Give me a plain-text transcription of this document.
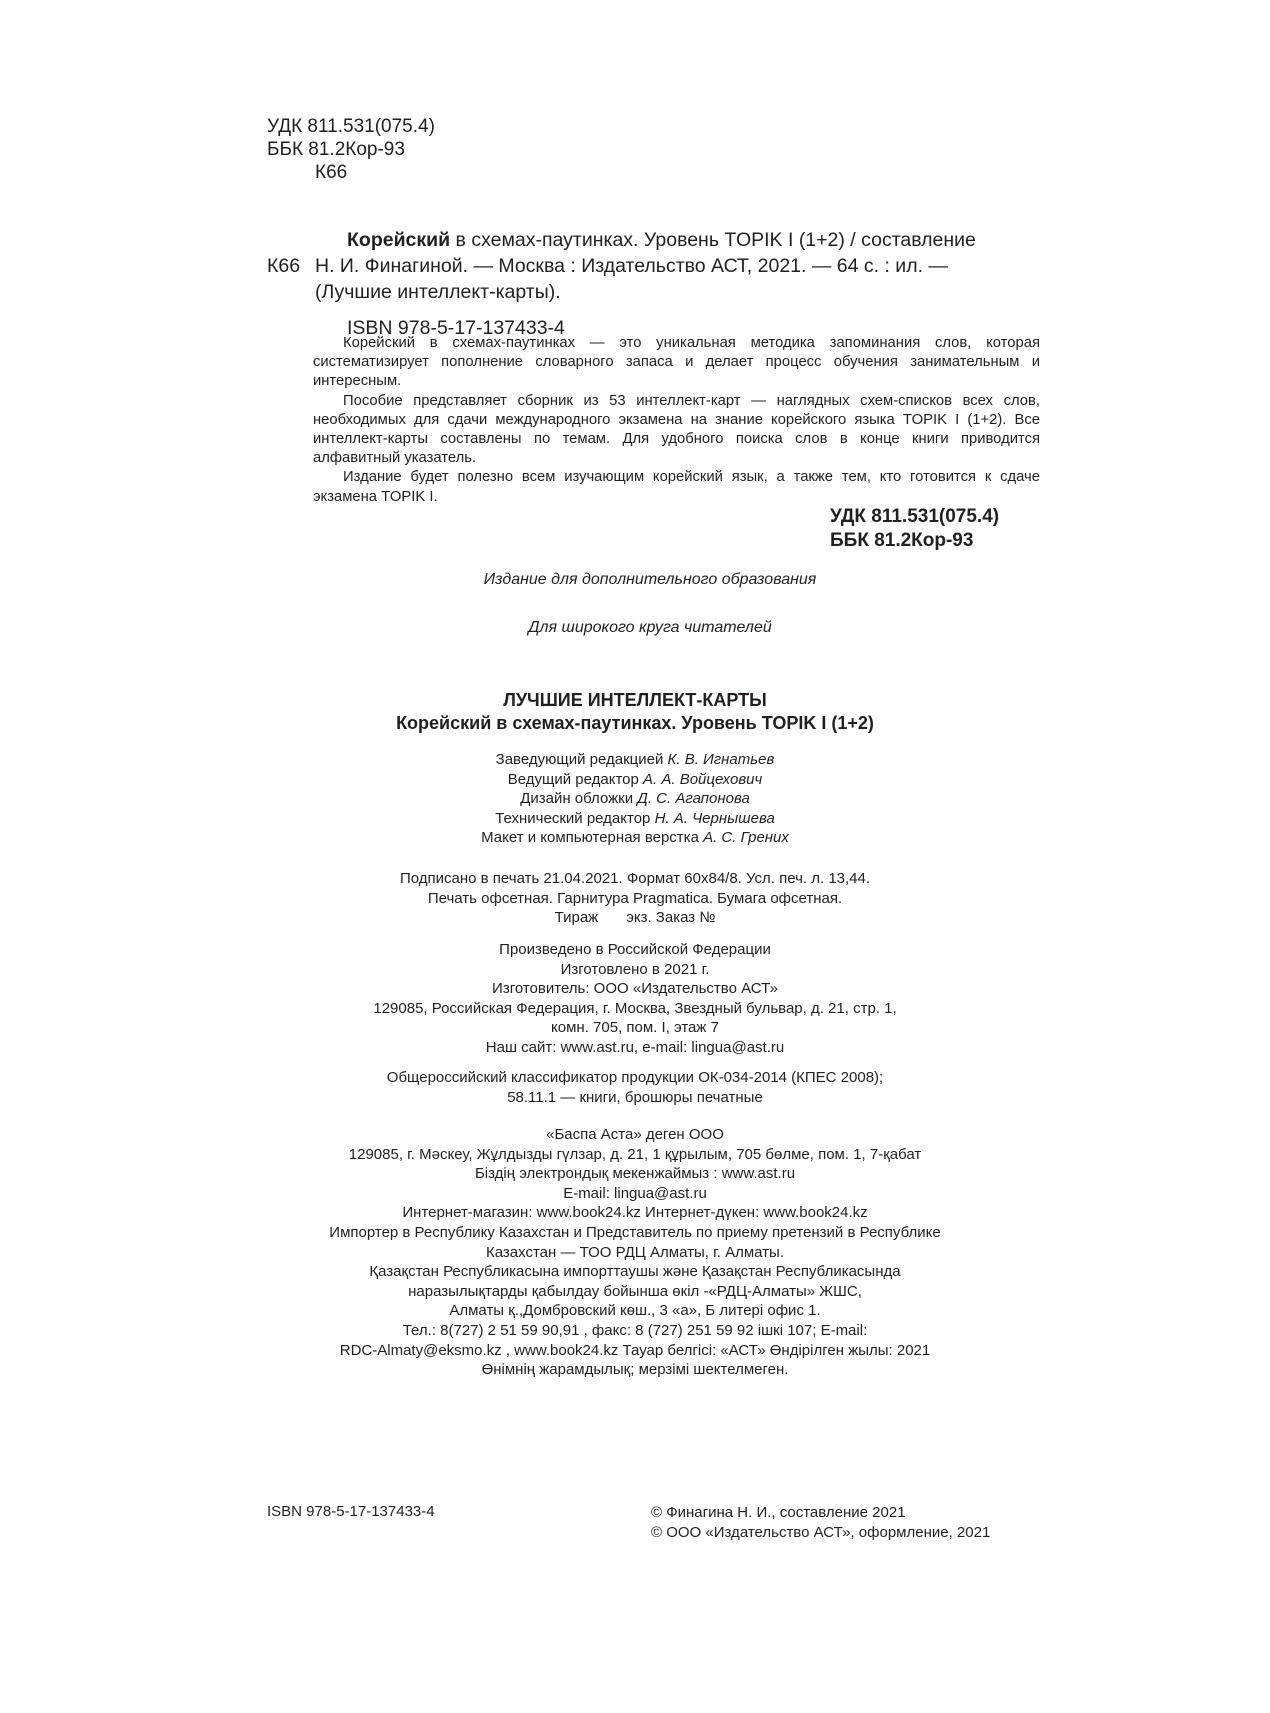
УДК 811.531(075.4)
ББК 81.2Кор-93
К66
Корейский в схемах-паутинках. Уровень TOPIK I (1+2) / составление
К66 Н. И. Финагиной. — Москва : Издательство АСТ, 2021. — 64 с. : ил. —
(Лучшие интеллект-карты).
ISBN 978-5-17-137433-4

Корейский в схемах-паутинках — это уникальная методика запоминания слов, которая систематизирует пополнение словарного запаса и делает процесс обучения занимательным и интересным.

Пособие представляет сборник из 53 интеллект-карт — наглядных схем-списков всех слов, необходимых для сдачи международного экзамена на знание корейского языка TOPIK I (1+2). Все интеллект-карты составлены по темам. Для удобного поиска слов в конце книги приводится алфавитный указатель.

Издание будет полезно всем изучающим корейский язык, а также тем, кто готовится к сдаче экзамена TOPIK I.

УДК 811.531(075.4)
ББК 81.2Кор-93
Издание для дополнительного образования
Для широкого круга читателей
ЛУЧШИЕ ИНТЕЛЛЕКТ-КАРТЫ
Корейский в схемах-паутинках. Уровень TOPIK I (1+2)
Заведующий редакцией К. В. Игнатьев
Ведущий редактор А. А. Войцехович
Дизайн обложки Д. С. Агапонова
Технический редактор Н. А. Чернышева
Макет и компьютерная верстка А. С. Грених
Подписано в печать 21.04.2021. Формат 60x84/8. Усл. печ. л. 13,44.
Печать офсетная. Гарнитура Pragmatica. Бумага офсетная.
Тираж экз. Заказ №
Произведено в Российской Федерации
Изготовлено в 2021 г.
Изготовитель: ООО «Издательство АСТ»
129085, Российская Федерация, г. Москва, Звездный бульвар, д. 21, стр. 1,
комн. 705, пом. I, этаж 7
Наш сайт: www.ast.ru, e-mail: lingua@ast.ru
Общероссийский классификатор продукции ОК-034-2014 (КПЕС 2008);
58.11.1 — книги, брошюры печатные
«Баспа Аста» деген ООО
129085, г. Мәскеу, Жұлдызды гүлзар, д. 21, 1 құрылым, 705 бөлме, пом. 1, 7-қабат
Біздің электрондық мекенжаймыз : www.ast.ru
E-mail: lingua@ast.ru
Интернет-магазин: www.book24.kz Интернет-дүкен: www.book24.kz
Импортер в Республику Казахстан и Представитель по приему претензий в Республике
Казахстан — ТОО РДЦ Алматы, г. Алматы.
Қазақстан Республикасына импорттаушы және Қазақстан Республикасында
наразылықтарды қабылдау бойынша өкіл -«РДЦ-Алматы» ЖШС,
Алматы қ.,Домбровский көш., 3 «а», Б литері офис 1.
Тел.: 8(727) 2 51 59 90,91 , факс: 8 (727) 251 59 92 ішкі 107; E-mail:
RDC-Almaty@eksmo.kz , www.book24.kz Тауар белгісі: «АСТ» Өндірілген жылы: 2021
Өнімнің жарамдылық; мерзімі шектелмеген.
ISBN 978-5-17-137433-4	© Финагина Н. И., составление 2021
© ООО «Издательство АСТ», оформление, 2021
